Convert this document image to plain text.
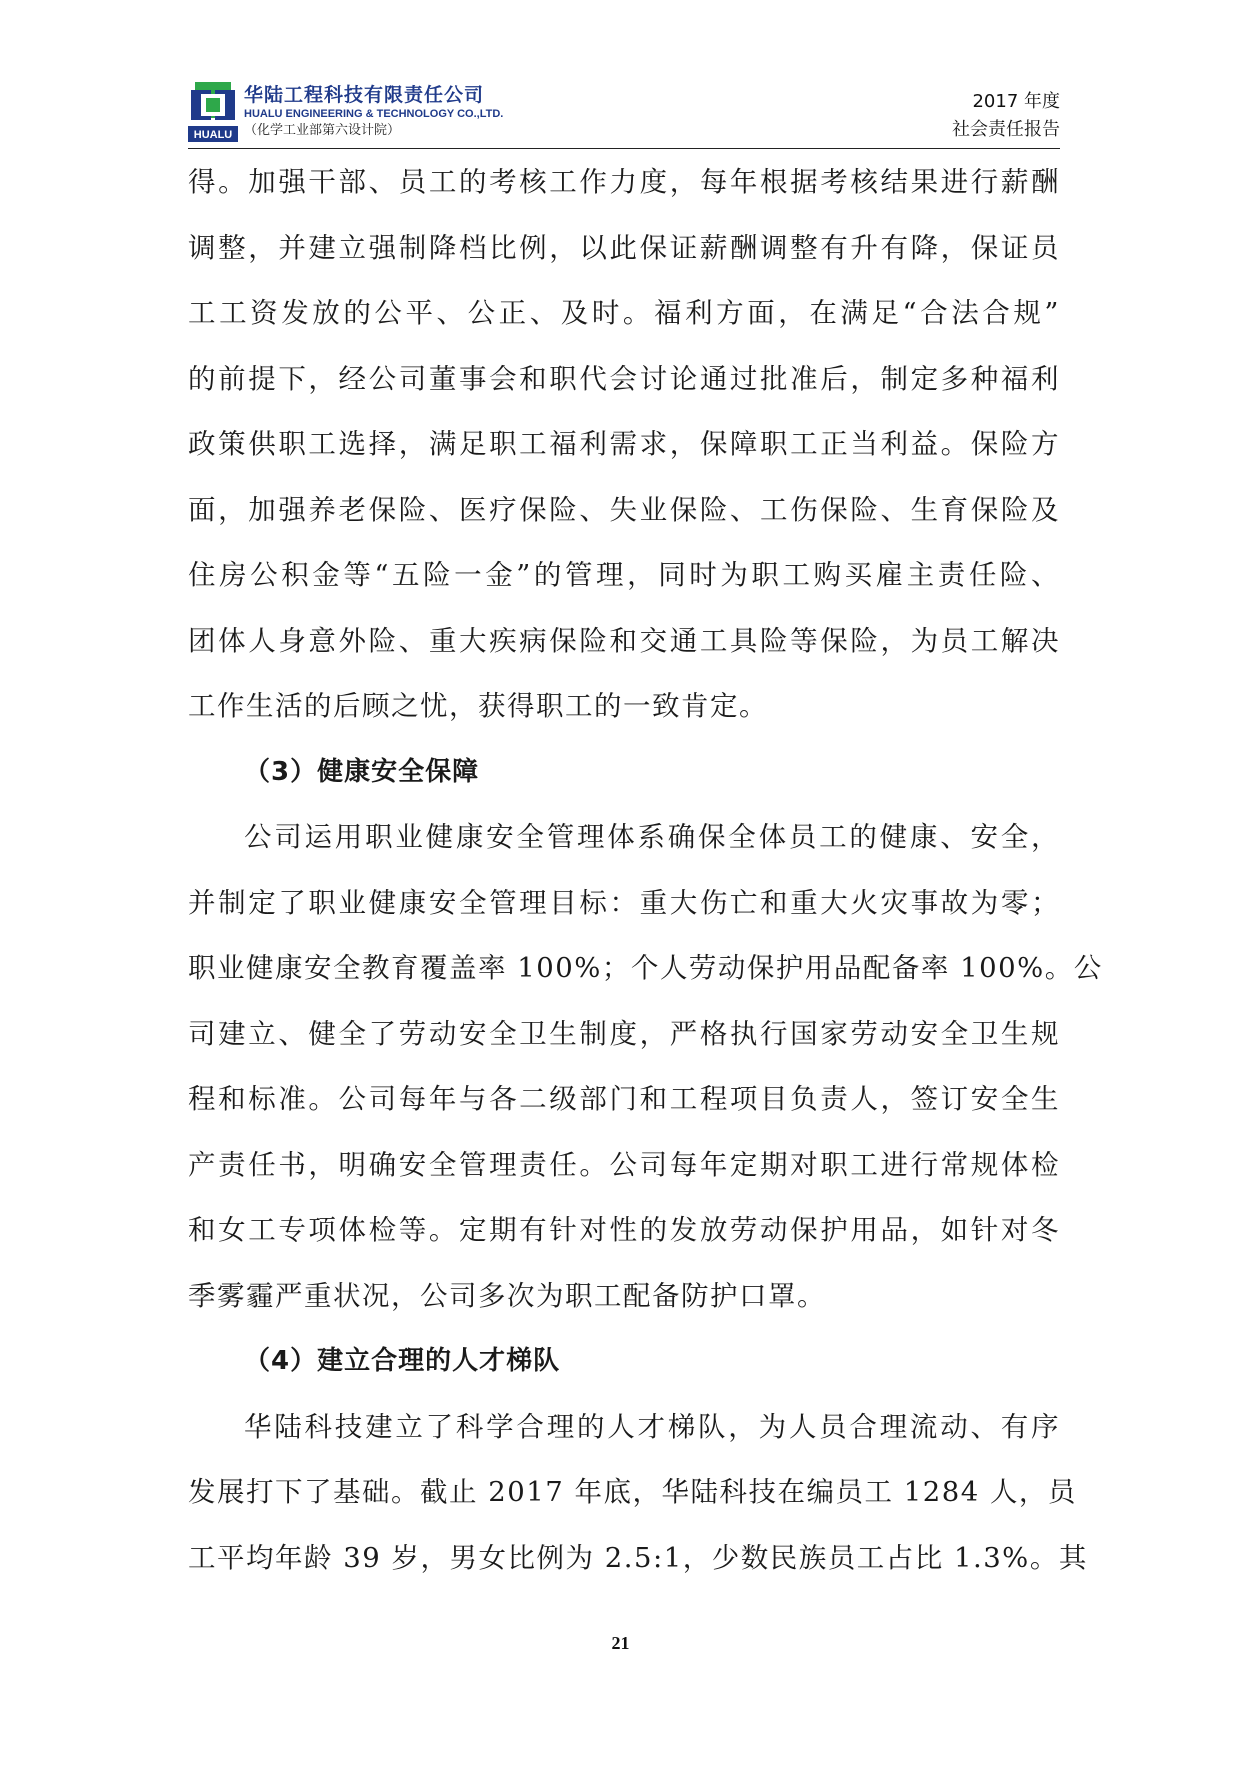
HUALU
华陆工程科技有限责任公司
HUALU ENGINEERING & TECHNOLOGY CO.,LTD.
（化学工业部第六设计院）
2017 年度
社会责任报告
得。加强干部、员工的考核工作力度，每年根据考核结果进行薪酬
调整，并建立强制降档比例，以此保证薪酬调整有升有降，保证员
工工资发放的公平、公正、及时。福利方面，在满足“合法合规”
的前提下，经公司董事会和职代会讨论通过批准后，制定多种福利
政策供职工选择，满足职工福利需求，保障职工正当利益。保险方
面，加强养老保险、医疗保险、失业保险、工伤保险、生育保险及
住房公积金等“五险一金”的管理，同时为职工购买雇主责任险、
团体人身意外险、重大疾病保险和交通工具险等保险，为员工解决
工作生活的后顾之忧，获得职工的一致肯定。
（3）健康安全保障
公司运用职业健康安全管理体系确保全体员工的健康、安全，
并制定了职业健康安全管理目标：重大伤亡和重大火灾事故为零；
职业健康安全教育覆盖率 100%；个人劳动保护用品配备率 100%。公
司建立、健全了劳动安全卫生制度，严格执行国家劳动安全卫生规
程和标准。公司每年与各二级部门和工程项目负责人，签订安全生
产责任书，明确安全管理责任。公司每年定期对职工进行常规体检
和女工专项体检等。定期有针对性的发放劳动保护用品，如针对冬
季雾霾严重状况，公司多次为职工配备防护口罩。
（4）建立合理的人才梯队
华陆科技建立了科学合理的人才梯队，为人员合理流动、有序
发展打下了基础。截止 2017 年底，华陆科技在编员工 1284 人，员
工平均年龄 39 岁，男女比例为 2.5:1，少数民族员工占比 1.3%。其
21
